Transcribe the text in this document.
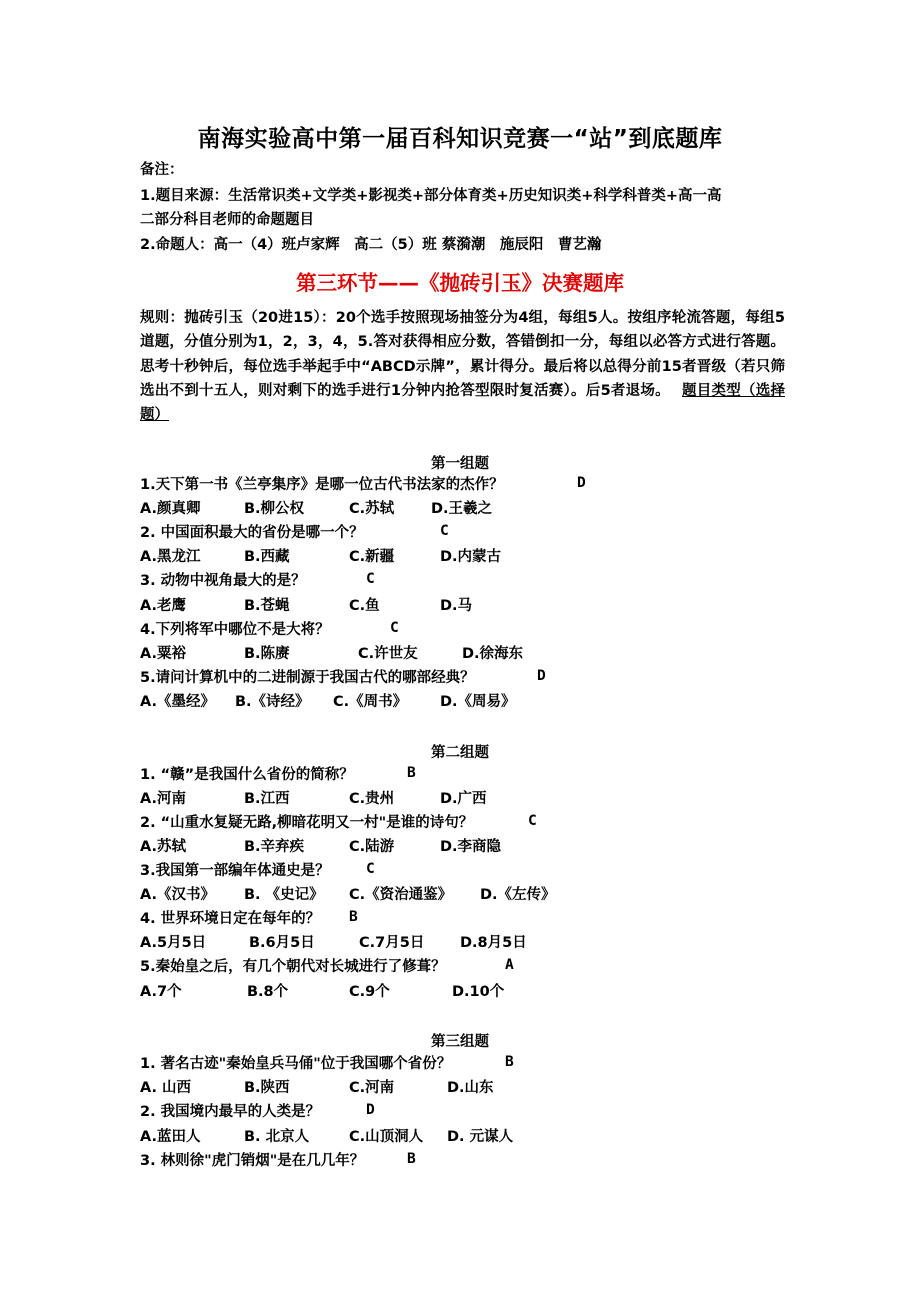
南海实验高中第一届百科知识竞赛一“站”到底题库
备注：
1.题目来源：生活常识类+文学类+影视类+部分体育类+历史知识类+科学科普类+高一高
二部分科目老师的命题题目
2.命题人：高一（4）班卢家辉　高二（5）班 蔡漪潮　施辰阳　曹艺瀚
第三环节——《抛砖引玉》决赛题库
规则：抛砖引玉（20进15）：20个选手按照现场抽签分为4组，每组5人。按组序轮流答题，每组5道题，分值分别为1，2，3，4，5.答对获得相应分数，答错倒扣一分，每组以必答方式进行答题。思考十秒钟后，每位选手举起手中“ABCD示牌”，累计得分。最后将以总得分前15者晋级（若只筛选出不到十五人，则对剩下的选手进行1分钟内抢答型限时复活赛）。后5者退场。 题目类型（选择题）
第一组题
1.天下第一书《兰亭集序》是哪一位古代书法家的杰作？	D
A.颜真卿	B.柳公权	C.苏轼	D.王羲之
2. 中国面积最大的省份是哪一个？	C
A.黑龙江	B.西藏	C.新疆	D.内蒙古
3. 动物中视角最大的是？	C
A.老鹰	B.苍蝇	C.鱼	D.马
4.下列将军中哪位不是大将？	C
A.粟裕	B.陈赓	C.许世友	D.徐海东
5.请问计算机中的二进制源于我国古代的哪部经典？	D
A.《墨经》 B.《诗经》 C.《周书》 D.《周易》
第二组题
1. “赣”是我国什么省份的简称？	B
A.河南	B.江西	C.贵州	D.广西
2. “山重水复疑无路,柳暗花明又一村"是谁的诗句？	C
A.苏轼	B.辛弃疾	C.陆游	D.李商隐
3.我国第一部编年体通史是？	C
A.《汉书》 B. 《史记》 C.《资治通鉴》 D.《左传》
4. 世界环境日定在每年的？ B
A.5月5日	B.6月5日	C.7月5日 D.8月5日
5.秦始皇之后，有几个朝代对长城进行了修葺？	A
A.7个	B.8个	C.9个	D.10个
第三组题
1. 著名古迹"秦始皇兵马俑"位于我国哪个省份？	B
A. 山西	B.陕西	C.河南	D.山东
2. 我国境内最早的人类是？	D
A.蓝田人	B. 北京人	C.山顶洞人 D. 元谋人
3. 林则徐"虎门销烟"是在几几年？	B
